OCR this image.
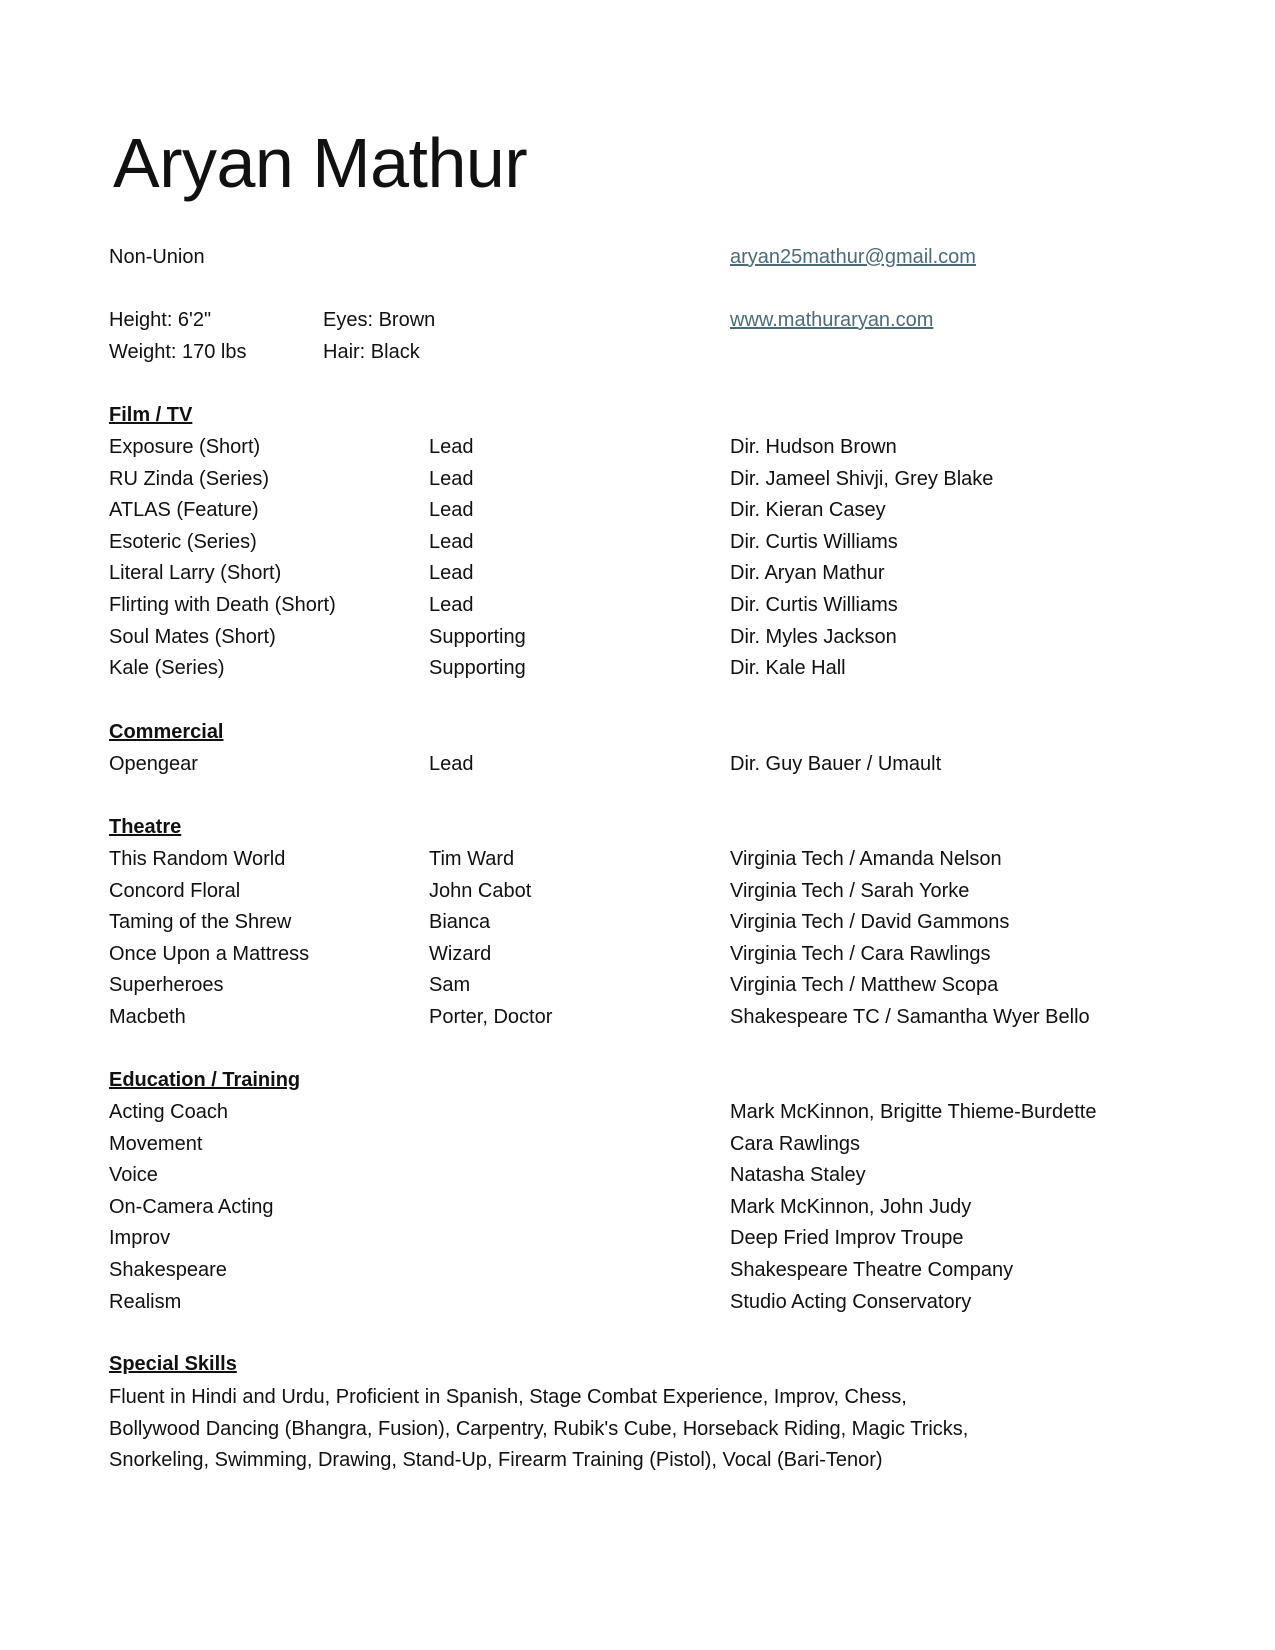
Aryan Mathur
Non-Union	aryan25mathur@gmail.com
Height: 6'2"	Eyes: Brown	www.mathuraryan.com
Weight: 170 lbs	Hair: Black
Film / TV
Exposure (Short)	Lead	Dir. Hudson Brown
RU Zinda (Series)	Lead	Dir. Jameel Shivji, Grey Blake
ATLAS (Feature)	Lead	Dir. Kieran Casey
Esoteric (Series)	Lead	Dir. Curtis Williams
Literal Larry (Short)	Lead	Dir. Aryan Mathur
Flirting with Death (Short)	Lead	Dir. Curtis Williams
Soul Mates (Short)	Supporting	Dir. Myles Jackson
Kale (Series)	Supporting	Dir. Kale Hall
Commercial
Opengear	Lead	Dir. Guy Bauer / Umault
Theatre
This Random World	Tim Ward	Virginia Tech / Amanda Nelson
Concord Floral	John Cabot	Virginia Tech / Sarah Yorke
Taming of the Shrew	Bianca	Virginia Tech / David Gammons
Once Upon a Mattress	Wizard	Virginia Tech / Cara Rawlings
Superheroes	Sam	Virginia Tech / Matthew Scopa
Macbeth	Porter, Doctor	Shakespeare TC / Samantha Wyer Bello
Education / Training
Acting Coach	Mark McKinnon, Brigitte Thieme-Burdette
Movement	Cara Rawlings
Voice	Natasha Staley
On-Camera Acting	Mark McKinnon, John Judy
Improv	Deep Fried Improv Troupe
Shakespeare	Shakespeare Theatre Company
Realism	Studio Acting Conservatory
Special Skills
Fluent in Hindi and Urdu, Proficient in Spanish, Stage Combat Experience, Improv, Chess,
Bollywood Dancing (Bhangra, Fusion), Carpentry, Rubik's Cube, Horseback Riding, Magic Tricks,
Snorkeling, Swimming, Drawing, Stand-Up, Firearm Training (Pistol), Vocal (Bari-Tenor)
